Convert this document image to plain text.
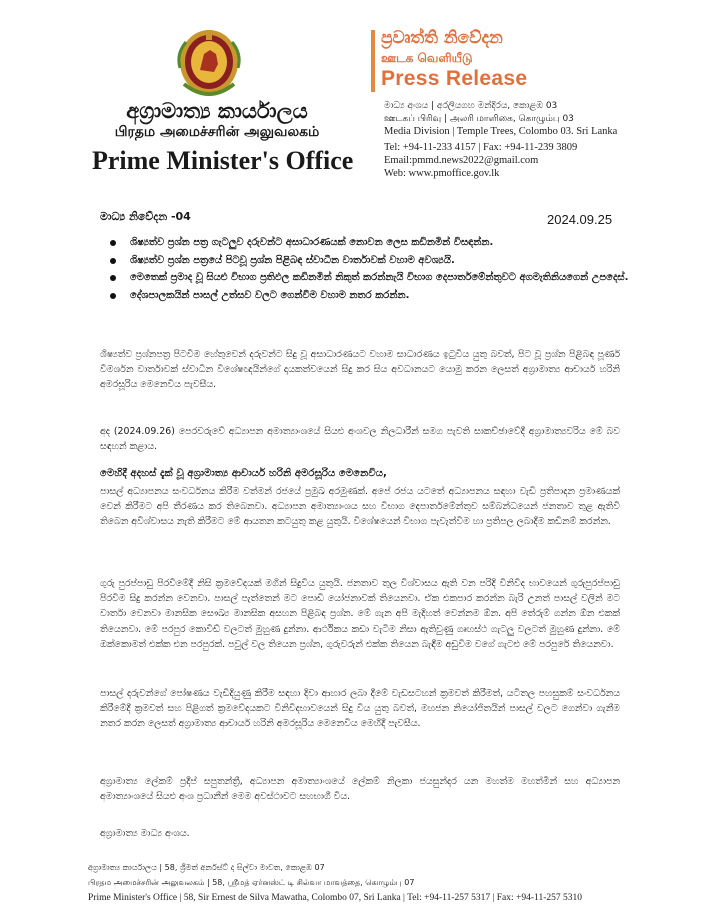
අග්‍රාමාත්‍ය කාර්යාලය
பிரதம அமைச்சரின் அலுவலகம்
Prime Minister's Office
ප්‍රවෘත්ති නිවේදන
ஊடக வெளியீடு
Press Release
මාධ්‍ය අංශය | අරලියගහ මන්දිරය, කොළඹ 03
ஊடகப் பிரிவு | அலரி மாளிகை, கொழும்பு 03
Media Division | Temple Trees, Colombo 03. Sri Lanka
Tel: +94-11-233 4157 | Fax: +94-11-239 3809
Email:pmmd.news2022@gmail.com
Web: www.pmoffice.gov.lk
මාධ්‍ය නිවේදන -04	2024.09.25
ශිෂ්‍යත්ව ප්‍රශ්න පත්‍ර ගැටලුව දරුවන්ට අසාධාරණයක් නොවන ලෙස කඩිනමින් විසඳන්න.
ශිෂ්‍යත්ව ප්‍රශ්න පත්‍රයේ පිටවූ ප්‍රශ්න පිළිබඳ ස්වාධීන වාර්තාවක් වහාම අවශ්‍යයි.
මෙතෙක් ප්‍රමාද වූ සියළු විභාග ප්‍රතිඵල කඩිනමින් නිකුත් කරන්නැයි විභාග දෙපාර්තමේන්තුවට අගමැතිනියගෙන් උපදෙස්.
දේශපාලකයින් පාසල් උත්සව වලට ගෙන්වීම වහාම නතර කරන්න.

ශිෂ්‍යත්ව ප්‍රශ්නපත්‍ර පිටවීම හේතුවෙන් දරුවන්ට සිදු වූ අසාධාරණයට වහාම සාධාරණය ඉටුවිය යුතු බවත්, පිට වූ ප්‍රශ්න පිළිබඳ පූර්ණ විමර්ශන වාර්තාවක් ස්වාධීන විශේෂඥයින්ගේ දායකත්වයෙන් සිදු කර සිය අවධානයට යොමු කරන ලෙසත් අග්‍රාමාත්‍ය ආචාර්ය හරිනි අමරසූරිය මෙනෙවිය පැවසීය.

අද (2024.09.26) පෙරවරුවේ අධ්‍යාපන අමාත්‍යාංශයේ සියළු අංශවල නිලධාරීන් සමග පැවති සාකච්ඡාවේදී අග්‍රාමාත්‍යවරිය මේ බව සඳහන් කළාය.

මෙහිදී අදහස් දැක් වූ අග්‍රාමාත්‍ය ආචාර්ය හරිනි අමරසූරිය මෙනෙවිය,

පාසල් අධ්‍යාපනය සංවර්ධනය කිරීම වත්මන් රජයේ ප්‍රමුඛ අරමුණක්. අපේ රජය යටතේ අධ්‍යාපනය සඳහා වැඩි ප්‍රතිපාදන ප්‍රමාණයක් වෙන් කිරීමට අපි තීරණය කර තිබෙනවා. අධ්‍යාපන අමාත්‍යාංශය සහ විභාග දෙපාර්තමේන්තුව සම්බන්ධයෙන් ජනතාව තුළ ඇතිවී තිබෙන අවිශ්වාසය නැති කිරීමට මේ ආයතන කටයුතු කළ යුතුයි. විශේෂයෙන් විභාග පැවැත්වීම හා ප්‍රතිපල ලබාදීම කඩිනම් කරන්න.

ගුරු පුරප්පාඩු පිරවීමේදී නිසි ක්‍රමවේදයක් මගින් සිදුවිය යුතුයි. ජනතාව තුල විශ්වාසය ඇති වන පරිදි විනිවිද භාවයෙන් ගුරුපුරප්පාඩු පිරවීම සිදු කරන්න වෙනවා. පාසල් පැත්තෙන් මට පොඩි යෝජනාවක් තියෙනවා. ඒක එකපාර කරන්න බැරි උනත් පාසල් වලින් මට වාර්තා වෙනවා මානසික සෞඛ්‍ය මානසික අසහන පිළිබඳ ප්‍රශ්න. මේ ගැන අපි මැදිහත් වෙන්නම ඕන. අපි තේරුම් ගන්න ඕන එකක් තියෙනවා. මේ පරපුර කොවිඩ් වලටත් මුහුණ දුන්නා. ආර්ථිකය කඩා වැටීම නිසා ඇතිවුණු ගෘහස්ථ ගැටලු වලටත් මුහුණ දුන්නා. මේ ඔක්කොමත් එක්ක එන පරපුරක්. පවුල් වල තියෙන ප්‍රශ්න, ගුරුවරුන් එක්ක තියෙන බැඳීම අඩුවීම වගේ ගැටළු මේ පරපුරේ තියෙනවා.

පාසල් දරුවන්ගේ පෝෂණය වැඩිදියුණු කිරීම සඳහා දිවා ආහාර ලබා දීමේ වැඩසටහන් ක්‍රමවත් කිරීමත්, යටිතල පහසුකම් සංවර්ධනය කිරීමේදී ක්‍රමවත් සහ පිළිගත් ක්‍රමවේදයකට විනිවිදභාවයෙන් සිදු විය යුතු බවත්, මහජන නියෝජිතයින් පාසල් වලට ගෙන්වා ගැනීම නතර කරන ලෙසත් අග්‍රාමාත්‍ය ආචාර්ය හරිනි අමරසූරිය මෙනෙවිය මෙහිදී පැවසීය.

අග්‍රාමාත්‍ය ලේකම් ප්‍රදීප් සපුතන්ත්‍රී, අධ්‍යාපන අමාත්‍යාංශයේ ලේකම් නිලකා ජයසුන්දර යන මහත්ම මහත්මීන් සහ අධ්‍යාපන අමාත්‍යාංශයේ සියළු අංශ ප්‍රධානීන් මෙම අවස්ථාවට සහභාගී විය.

අග්‍රාමාත්‍ය මාධ්‍ය අංශය.

අග්‍රාමාත්‍ය කාර්යාලය | 58, ශ්‍රීමත් අර්නස්ට් ද සිල්වා මාවත, කොළඹ 07
பிரதம அமைச்சரின் அலுவலகம் | 58, ஸ்ரீமத் ஏர்னஸ்ட் டி சில்வா மாவத்தை, கொழும்பு 07
Prime Minister's Office | 58, Sir Ernest de Silva Mawatha, Colombo 07, Sri Lanka | Tel: +94-11-257 5317 | Fax: +94-11-257 5310
